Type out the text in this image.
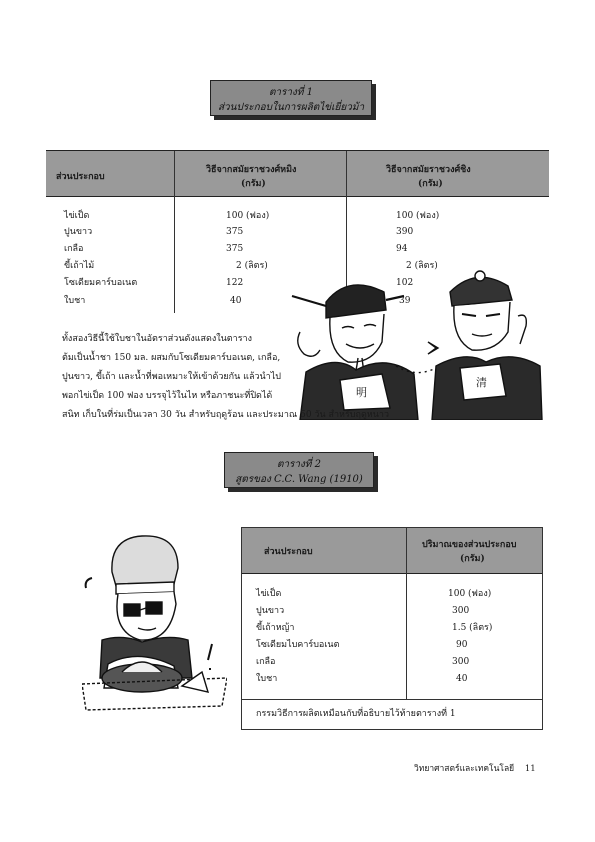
ตารางที่ 1
ส่วนประกอบในการผลิตไข่เยี่ยวม้า
ส่วนประกอบ
วิธีจากสมัยราชวงศ์หมิง
(กรัม)
วิธีจากสมัยราชวงศ์ชิง
(กรัม)
ไข่เป็ด	100 (ฟอง)	100 (ฟอง)
ปูนขาว	375	390
เกลือ	375	94
ขี้เถ้าไม้	2 (ลิตร)	2 (ลิตร)
โซเดียมคาร์บอเนต	122	102
ใบชา	40	39
明
清
ทั้งสองวิธีนี้ใช้ใบชาในอัตราส่วนดังแสดงในตาราง
ต้มเป็นน้ำชา 150 มล. ผสมกับโซเดียมคาร์บอเนต, เกลือ,
ปูนขาว, ขี้เถ้า และน้ำที่พอเหมาะให้เข้าด้วยกัน แล้วนำไป
พอกไข่เป็ด 100 ฟอง บรรจุไว้ในไห หรือภาชนะที่ปิดได้
สนิท เก็บในที่ร่มเป็นเวลา 30 วัน สำหรับฤดูร้อน และประมาณ 50 วัน สำหรับฤดูหนาว
ตารางที่ 2
สูตรของ C.C. Wang (1910)
ส่วนประกอบ
ปริมาณของส่วนประกอบ
(กรัม)
ไข่เป็ด	100 (ฟอง)
ปูนขาว	300
ขี้เถ้าหญ้า	1.5 (ลิตร)
โซเดียมไบคาร์บอเนต	90
เกลือ	300
ใบชา	40
กรรมวิธีการผลิตเหมือนกับที่อธิบายไว้ท้ายตารางที่ 1
วิทยาศาสตร์และเทคโนโลยี 11
